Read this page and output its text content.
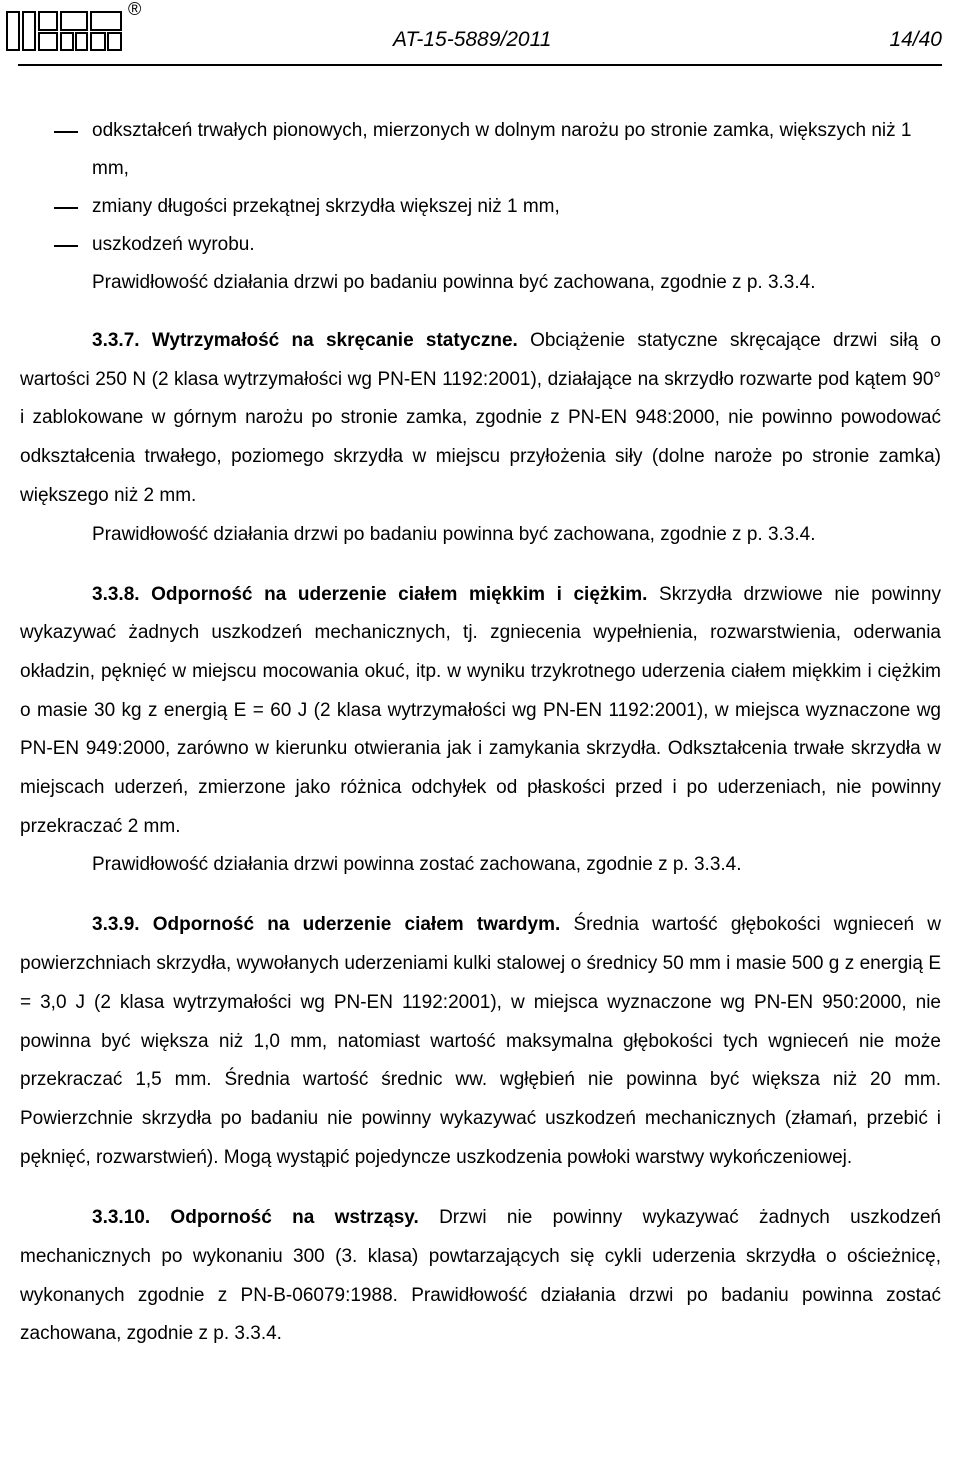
®
AT-15-5889/2011	14/40
odkształceń trwałych pionowych, mierzonych w dolnym narożu po stronie zamka, większych niż 1 mm,
zmiany długości przekątnej skrzydła większej niż 1 mm,
uszkodzeń wyrobu.
Prawidłowość działania drzwi po badaniu powinna być zachowana, zgodnie z p. 3.3.4.
3.3.7. Wytrzymałość na skręcanie statyczne. Obciążenie statyczne skręcające drzwi siłą o wartości 250 N (2 klasa wytrzymałości wg PN-EN 1192:2001), działające na skrzydło rozwarte pod kątem 90° i zablokowane w górnym narożu po stronie zamka, zgodnie z PN-EN 948:2000, nie powinno powodować odkształcenia trwałego, poziomego skrzydła w miejscu przyłożenia siły (dolne naroże po stronie zamka) większego niż 2 mm.
Prawidłowość działania drzwi po badaniu powinna być zachowana, zgodnie z p. 3.3.4.
3.3.8. Odporność na uderzenie ciałem miękkim i ciężkim. Skrzydła drzwiowe nie powinny wykazywać żadnych uszkodzeń mechanicznych, tj. zgniecenia wypełnienia, rozwarstwienia, oderwania okładzin, pęknięć w miejscu mocowania okuć, itp. w wyniku trzykrotnego uderzenia ciałem miękkim i ciężkim o masie 30 kg z energią E = 60 J (2 klasa wytrzymałości wg PN-EN 1192:2001), w miejsca wyznaczone wg PN-EN 949:2000, zarówno w kierunku otwierania jak i zamykania skrzydła. Odkształcenia trwałe skrzydła w miejscach uderzeń, zmierzone jako różnica odchyłek od płaskości przed i po uderzeniach, nie powinny przekraczać 2 mm.
Prawidłowość działania drzwi powinna zostać zachowana, zgodnie z p. 3.3.4.
3.3.9. Odporność na uderzenie ciałem twardym. Średnia wartość głębokości wgnieceń w powierzchniach skrzydła, wywołanych uderzeniami kulki stalowej o średnicy 50 mm i masie 500 g z energią E = 3,0 J (2 klasa wytrzymałości wg PN-EN 1192:2001), w miejsca wyznaczone wg PN-EN 950:2000, nie powinna być większa niż 1,0 mm, natomiast wartość maksymalna głębokości tych wgnieceń nie może przekraczać 1,5 mm. Średnia wartość średnic ww. wgłębień nie powinna być większa niż 20 mm. Powierzchnie skrzydła po badaniu nie powinny wykazywać uszkodzeń mechanicznych (złamań, przebić i pęknięć, rozwarstwień). Mogą wystąpić pojedyncze uszkodzenia powłoki warstwy wykończeniowej.
3.3.10. Odporność na wstrząsy. Drzwi nie powinny wykazywać żadnych uszkodzeń mechanicznych po wykonaniu 300 (3. klasa) powtarzających się cykli uderzenia skrzydła o ościeżnicę, wykonanych zgodnie z PN-B-06079:1988. Prawidłowość działania drzwi po badaniu powinna zostać zachowana, zgodnie z p. 3.3.4.
